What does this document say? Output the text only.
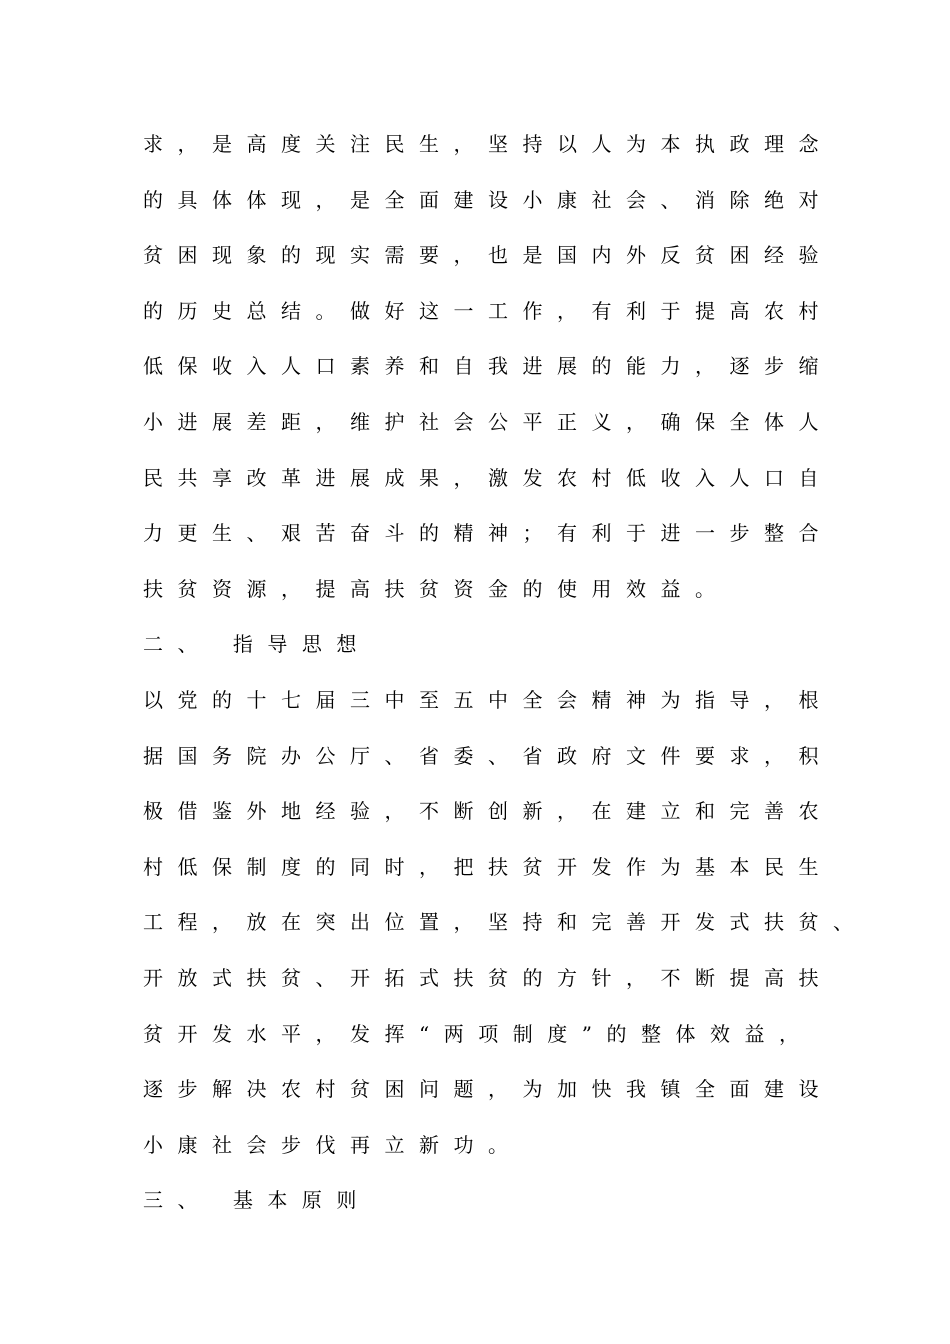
求，是高度关注民生，坚持以人为本执政理念
的具体体现，是全面建设小康社会、消除绝对
贫困现象的现实需要，也是国内外反贫困经验
的历史总结。做好这一工作，有利于提高农村
低保收入人口素养和自我进展的能力，逐步缩
小进展差距，维护社会公平正义，确保全体人
民共享改革进展成果，激发农村低收入人口自
力更生、艰苦奋斗的精神；有利于进一步整合
扶贫资源，提高扶贫资金的使用效益。
二、 指导思想
以党的十七届三中至五中全会精神为指导，根
据国务院办公厅、省委、省政府文件要求，积
极借鉴外地经验，不断创新，在建立和完善农
村低保制度的同时，把扶贫开发作为基本民生
工程，放在突出位置，坚持和完善开发式扶贫、
开放式扶贫、开拓式扶贫的方针，不断提高扶
贫开发水平，发挥“两项制度”的整体效益，
逐步解决农村贫困问题，为加快我镇全面建设
小康社会步伐再立新功。
三、 基本原则
